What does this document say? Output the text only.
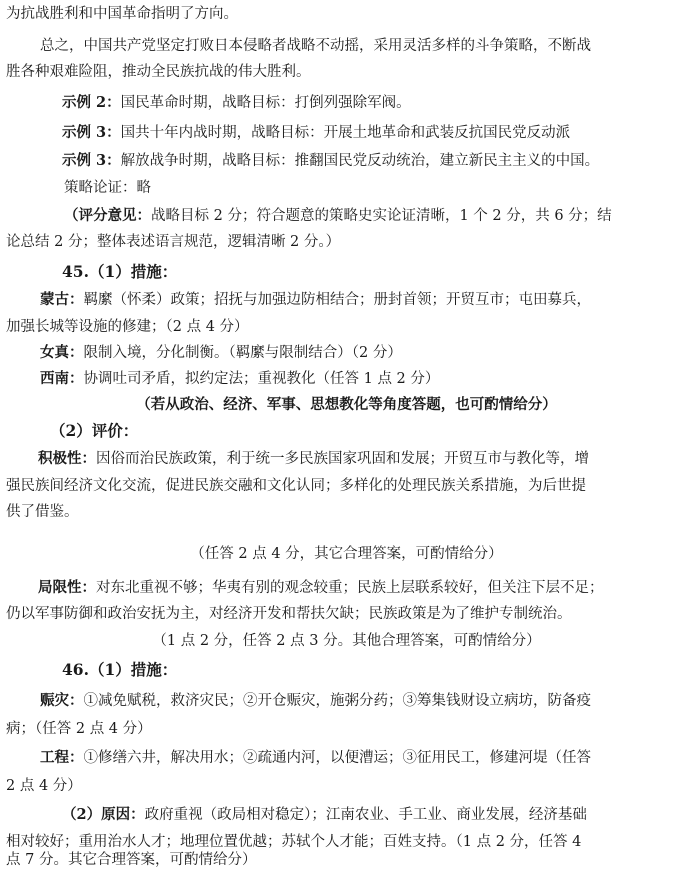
为抗战胜利和中国革命指明了方向。
总之，中国共产党坚定打败日本侵略者战略不动摇，采用灵活多样的斗争策略，不断战
胜各种艰难险阻，推动全民族抗战的伟大胜利。
示例 2：国民革命时期，战略目标：打倒列强除军阀。
示例 3：国共十年内战时期，战略目标：开展土地革命和武装反抗国民党反动派
示例 3：解放战争时期，战略目标：推翻国民党反动统治，建立新民主主义的中国。
策略论证：略
（评分意见：战略目标 2 分；符合题意的策略史实论证清晰，1 个 2 分，共 6 分；结
论总结 2 分；整体表述语言规范，逻辑清晰 2 分。）
45.（1）措施：
蒙古：羁縻（怀柔）政策；招抚与加强边防相结合；册封首领；开贸互市；屯田募兵，
加强长城等设施的修建；（2 点 4 分）
女真：限制入境，分化制衡。（羁縻与限制结合）（2 分）
西南：协调吐司矛盾，拟约定法；重视教化（任答 1 点 2 分）
（若从政治、经济、军事、思想教化等角度答题，也可酌情给分）
（2）评价：
积极性：因俗而治民族政策，利于统一多民族国家巩固和发展；开贸互市与教化等，增
强民族间经济文化交流，促进民族交融和文化认同；多样化的处理民族关系措施，为后世提
供了借鉴。
（任答 2 点 4 分，其它合理答案，可酌情给分）
局限性：对东北重视不够；华夷有别的观念较重；民族上层联系较好，但关注下层不足；
仍以军事防御和政治安抚为主，对经济开发和帮扶欠缺；民族政策是为了维护专制统治。
（1 点 2 分，任答 2 点 3 分。其他合理答案，可酌情给分）
46.（1）措施：
赈灾：①减免赋税，救济灾民；②开仓赈灾，施粥分药；③筹集钱财设立病坊，防备疫
病；（任答 2 点 4 分）
工程：①修缮六井，解决用水；②疏通内河，以便漕运；③征用民工，修建河堤（任答
2 点 4 分）
（2）原因：政府重视（政局相对稳定）；江南农业、手工业、商业发展，经济基础
相对较好；重用治水人才；地理位置优越；苏轼个人才能；百姓支持。（1 点 2 分，任答 4
点 7 分。其它合理答案，可酌情给分）
